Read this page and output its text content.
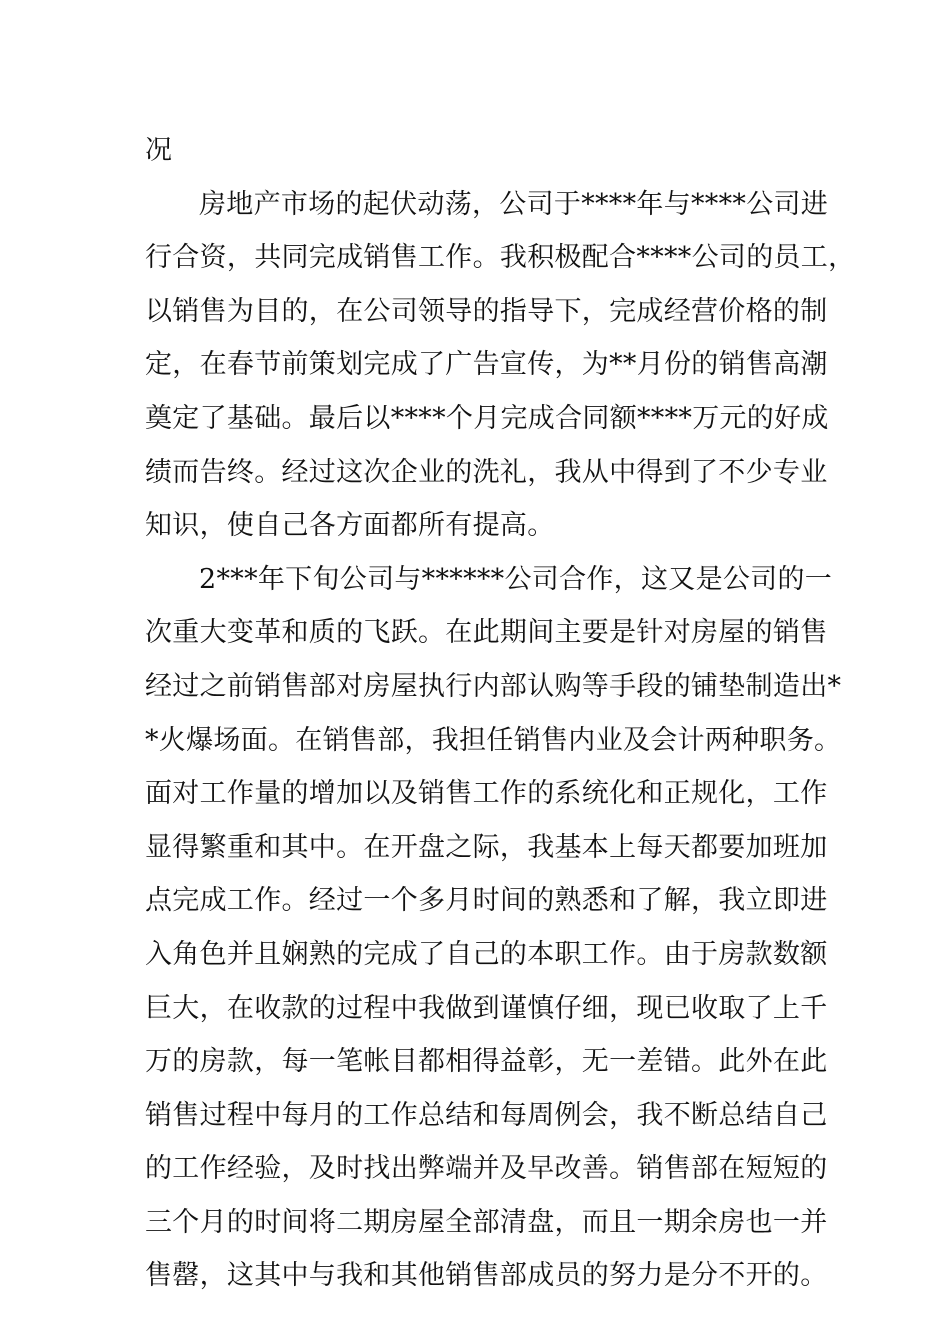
况
房地产市场的起伏动荡，公司于****年与****公司进
行合资，共同完成销售工作。我积极配合****公司的员工，
以销售为目的，在公司领导的指导下，完成经营价格的制
定，在春节前策划完成了广告宣传，为**月份的销售高潮
奠定了基础。最后以****个月完成合同额****万元的好成
绩而告终。经过这次企业的洗礼，我从中得到了不少专业
知识，使自己各方面都所有提高。
2***年下旬公司与******公司合作，这又是公司的一
次重大变革和质的飞跃。在此期间主要是针对房屋的销售
经过之前销售部对房屋执行内部认购等手段的铺垫制造出*
*火爆场面。在销售部，我担任销售内业及会计两种职务。
面对工作量的增加以及销售工作的系统化和正规化，工作
显得繁重和其中。在开盘之际，我基本上每天都要加班加
点完成工作。经过一个多月时间的熟悉和了解，我立即进
入角色并且娴熟的完成了自己的本职工作。由于房款数额
巨大，在收款的过程中我做到谨慎仔细，现已收取了上千
万的房款，每一笔帐目都相得益彰，无一差错。此外在此
销售过程中每月的工作总结和每周例会，我不断总结自己
的工作经验，及时找出弊端并及早改善。销售部在短短的
三个月的时间将二期房屋全部清盘，而且一期余房也一并
售罄，这其中与我和其他销售部成员的努力是分不开的。
